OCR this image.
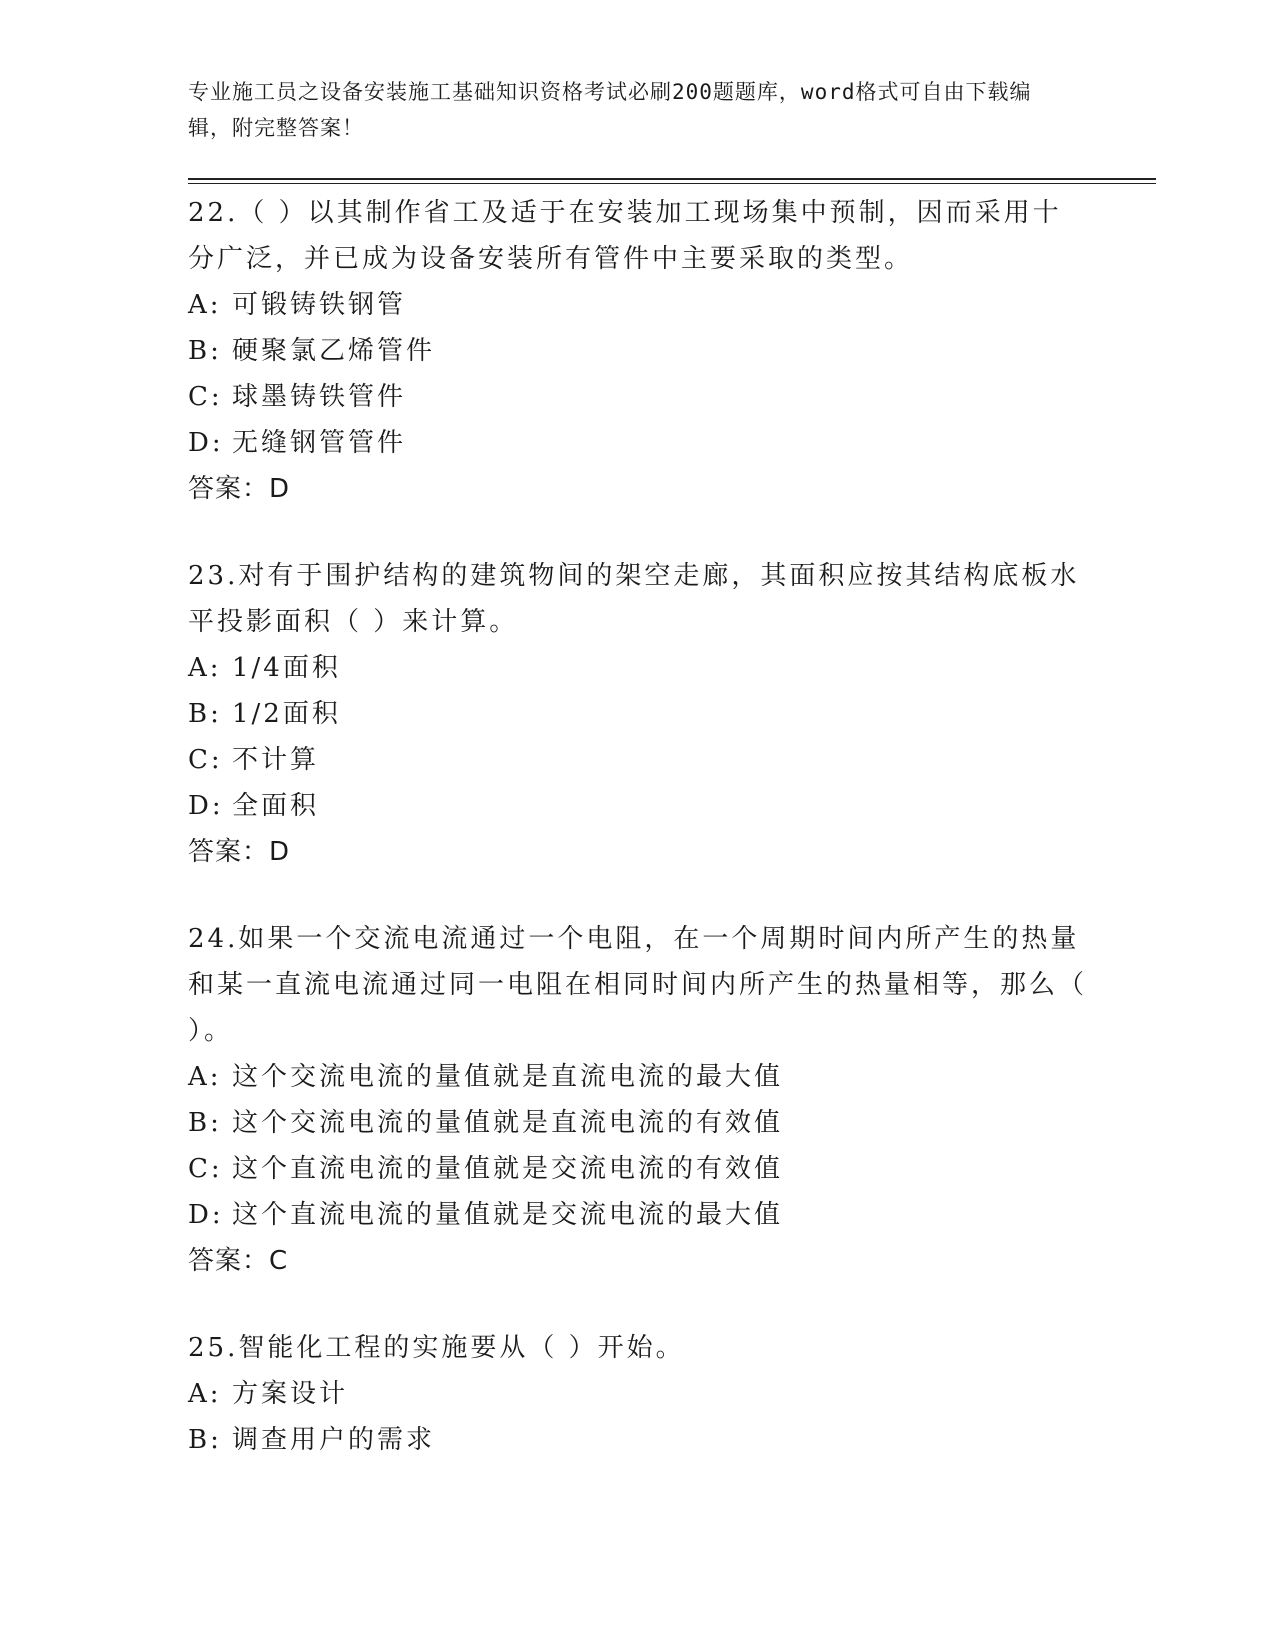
专业施工员之设备安装施工基础知识资格考试必刷200题题库，word格式可自由下载编辑，附完整答案！

22.（ ）以其制作省工及适于在安装加工现场集中预制，因而采用十分广泛，并已成为设备安装所有管件中主要采取的类型。

A: 可锻铸铁钢管

B: 硬聚氯乙烯管件

C: 球墨铸铁管件

D: 无缝钢管管件

答案：D

23.对有于围护结构的建筑物间的架空走廊，其面积应按其结构底板水平投影面积（ ）来计算。

A: 1/4面积

B: 1/2面积

C: 不计算

D: 全面积

答案：D

24.如果一个交流电流通过一个电阻，在一个周期时间内所产生的热量和某一直流电流通过同一电阻在相同时间内所产生的热量相等，那么（ ）。

A: 这个交流电流的量值就是直流电流的最大值

B: 这个交流电流的量值就是直流电流的有效值

C: 这个直流电流的量值就是交流电流的有效值

D: 这个直流电流的量值就是交流电流的最大值

答案：C

25.智能化工程的实施要从（ ）开始。

A: 方案设计

B: 调查用户的需求
